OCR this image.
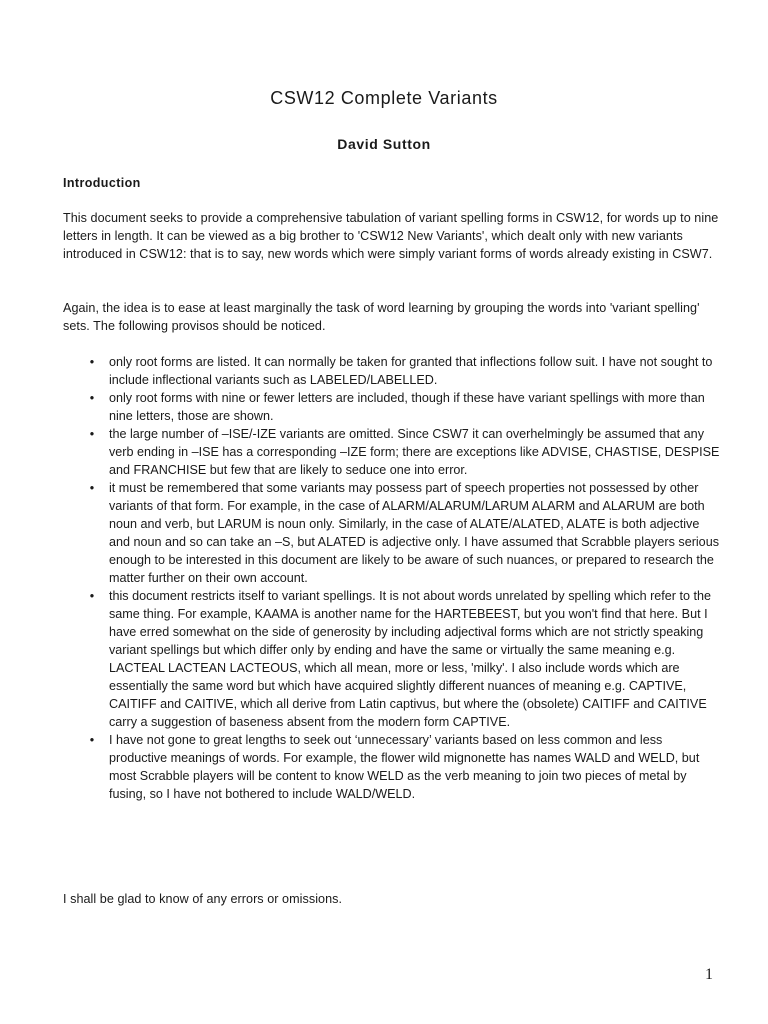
CSW12 Complete Variants
David Sutton
Introduction

This document seeks to provide a comprehensive tabulation of variant spelling forms in CSW12, for words up to nine letters in length. It can be viewed as a big brother to 'CSW12 New Variants', which dealt only with new variants introduced in CSW12: that is to say, new words which were simply variant forms of words already existing in CSW7.

Again, the idea is to ease at least marginally the task of word learning by grouping the words into 'variant spelling' sets. The following provisos should be noticed.

• only root forms are listed. It can normally be taken for granted that inflections follow suit. I have not sought to include inflectional variants such as LABELED/LABELLED.
• only root forms with nine or fewer letters are included, though if these have variant spellings with more than nine letters, those are shown.
• the large number of –ISE/-IZE variants are omitted. Since CSW7 it can overhelmingly be assumed that any verb ending in –ISE has a corresponding –IZE form; there are exceptions like ADVISE, CHASTISE, DESPISE and FRANCHISE but few that are likely to seduce one into error.
• it must be remembered that some variants may possess part of speech properties not possessed by other variants of that form. For example, in the case of ALARM/ALARUM/LARUM ALARM and ALARUM are both noun and verb, but LARUM is noun only. Similarly, in the case of ALATE/ALATED, ALATE is both adjective and noun and so can take an –S, but ALATED is adjective only. I have assumed that Scrabble players serious enough to be interested in this document are likely to be aware of such nuances, or prepared to research the matter further on their own account.
• this document restricts itself to variant spellings. It is not about words unrelated by spelling which refer to the same thing. For example, KAAMA is another name for the HARTEBEEST, but you won't find that here. But I have erred somewhat on the side of generosity by including adjectival forms which are not strictly speaking variant spellings but which differ only by ending and have the same or virtually the same meaning e.g. LACTEAL LACTEAN LACTEOUS, which all mean, more or less, 'milky'. I also include words which are essentially the same word but which have acquired slightly different nuances of meaning e.g. CAPTIVE, CAITIFF and CAITIVE, which all derive from Latin captivus, but where the (obsolete) CAITIFF and CAITIVE carry a suggestion of baseness absent from the modern form CAPTIVE.
• I have not gone to great lengths to seek out ‘unnecessary’ variants based on less common and less productive meanings of words. For example, the flower wild mignonette has names WALD and WELD, but most Scrabble players will be content to know WELD as the verb meaning to join two pieces of metal by fusing, so I have not bothered to include WALD/WELD.

I shall be glad to know of any errors or omissions.

1
